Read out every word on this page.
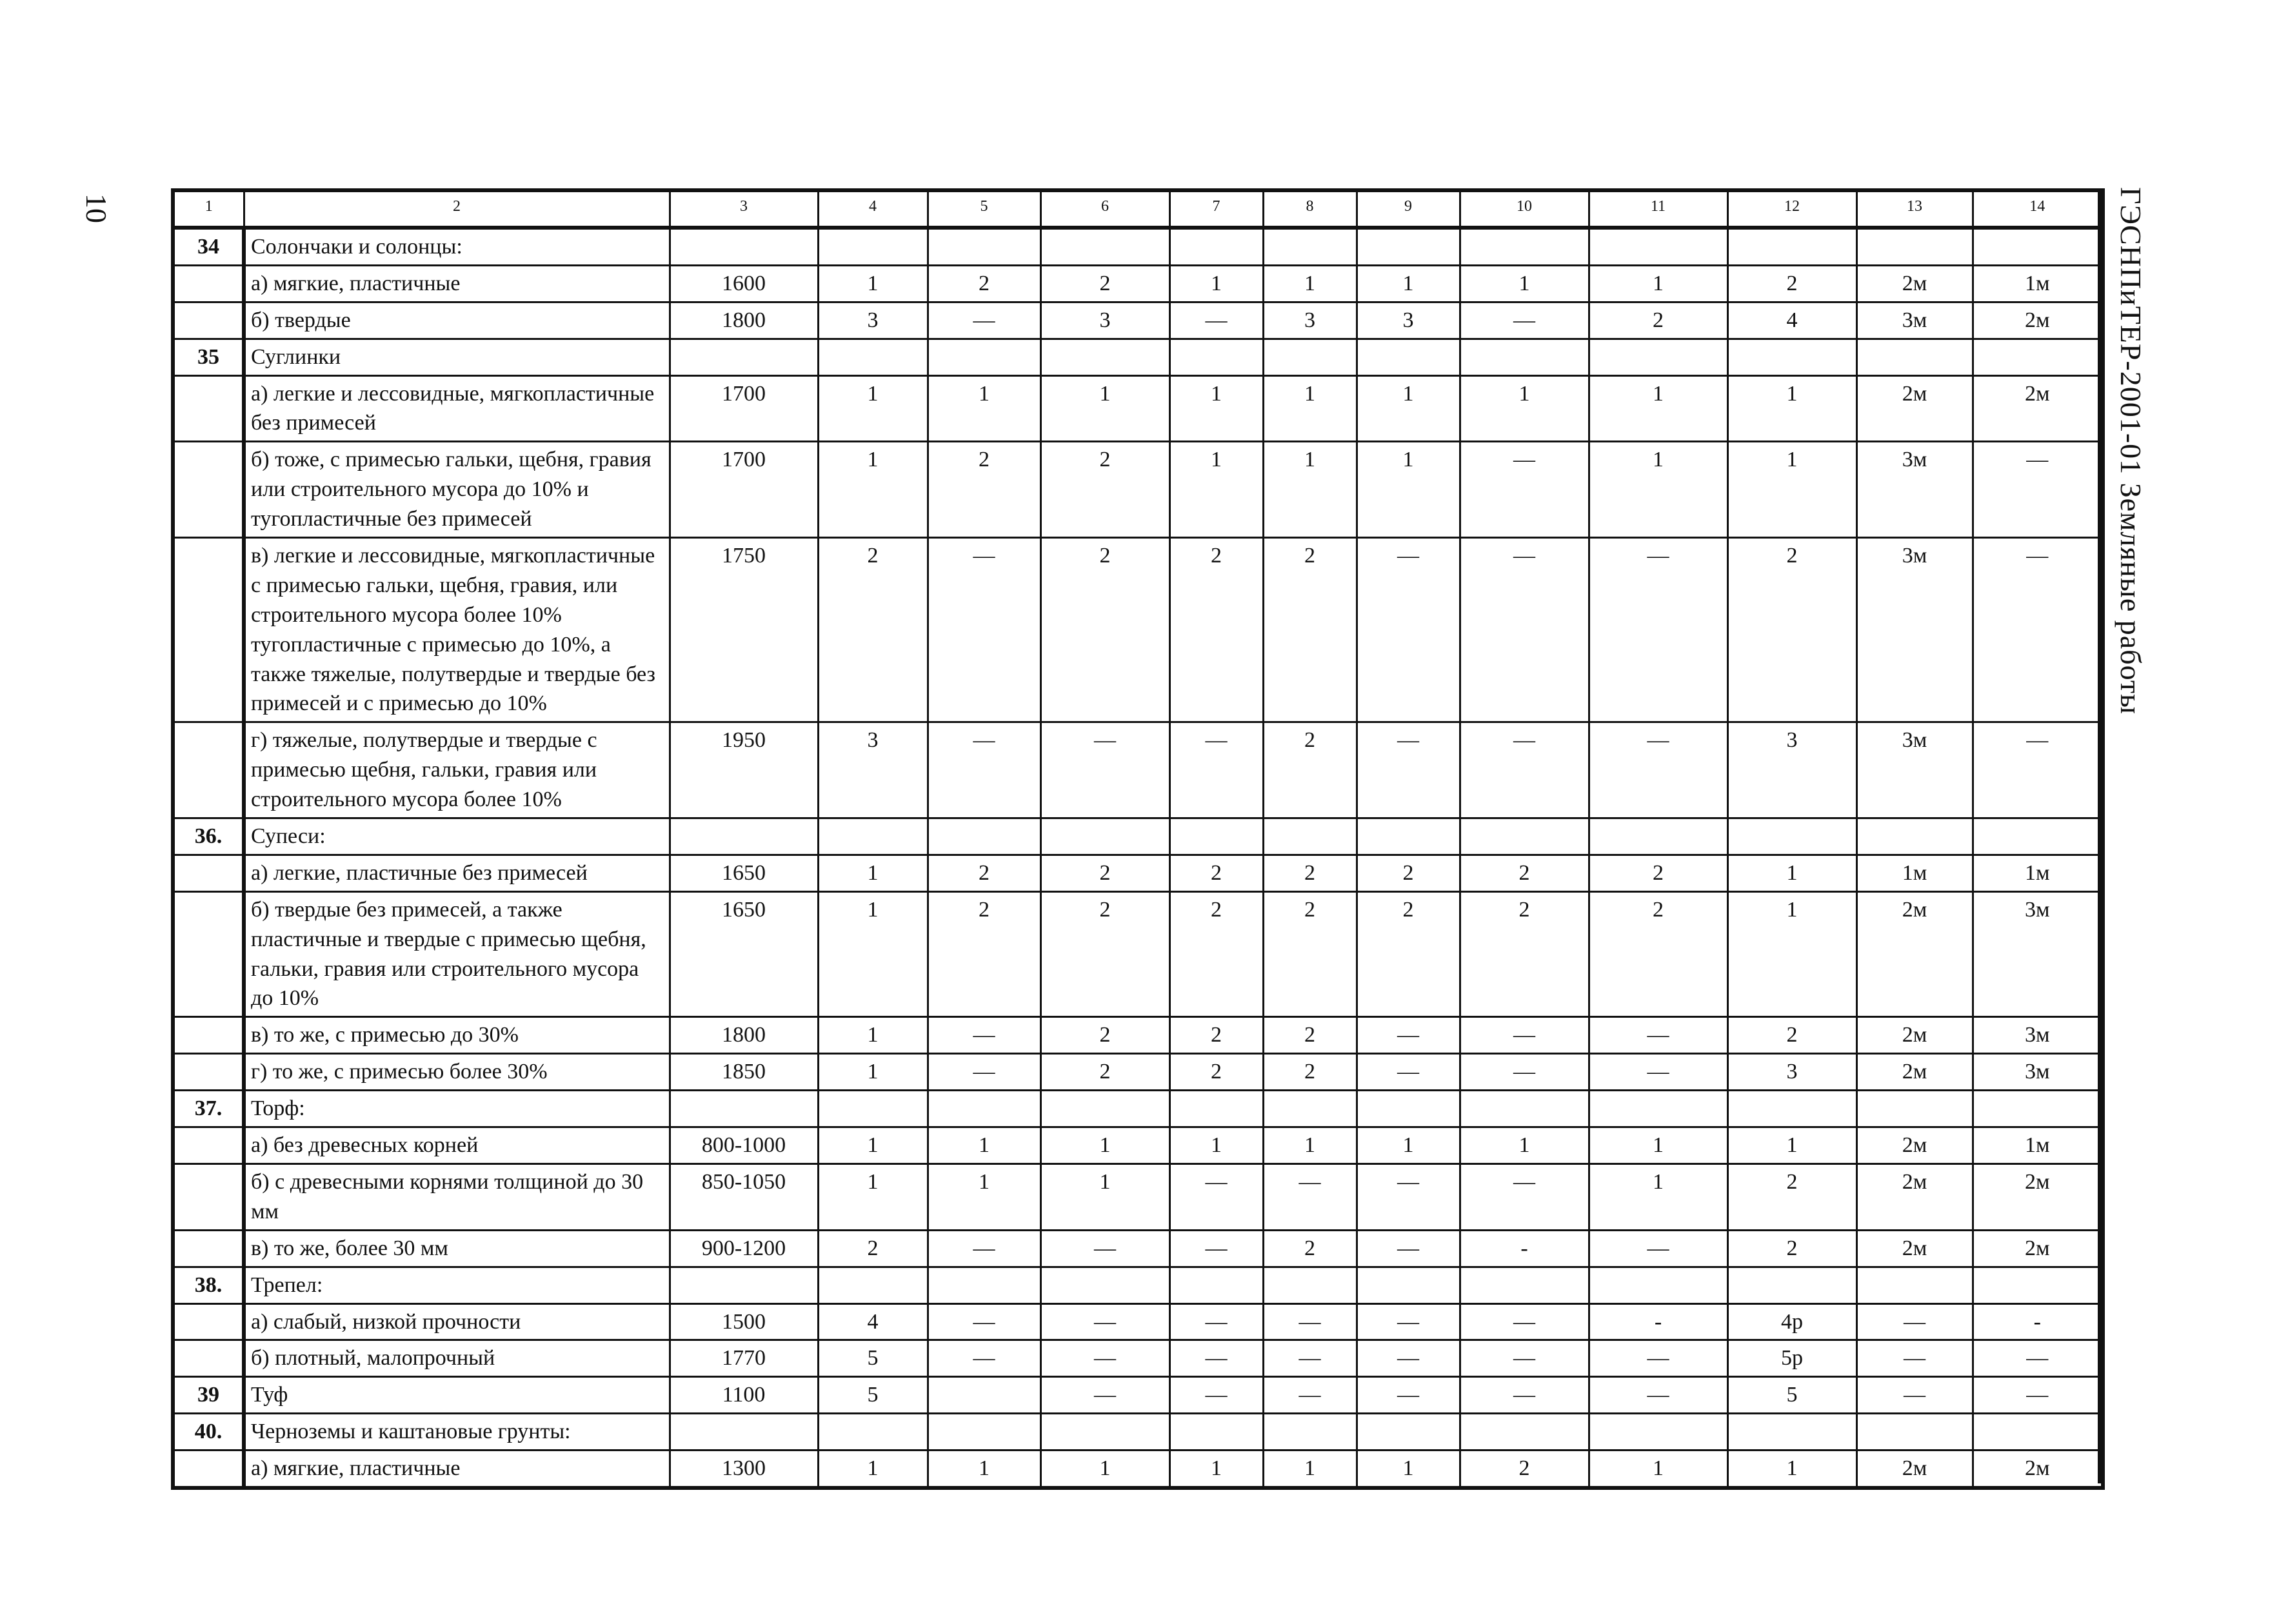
10	ГЭСНПиТЕР-2001-01 Земляные работы
1	2	3	4	5	6	7	8	9	10	11	12	13	14
34	Солончаки и солонцы:												
	а) мягкие, пластичные	1600	1	2	2	1	1	1	1	1	2	2м	1м
	б) твердые	1800	3	—	3	—	3	3	—	2	4	3м	2м
35	Суглинки												
	а) легкие и лессовидные, мягкопластичные без примесей	1700	1	1	1	1	1	1	1	1	1	2м	2м
	б) тоже, с примесью гальки, щебня, гравия или строительного мусора до 10% и тугопластичные без примесей	1700	1	2	2	1	1	1	—	1	1	3м	—
	в) легкие и лессовидные, мягкопластичные с примесью гальки, щебня, гравия, или строительного мусора более 10% тугопластичные с примесью до 10%, а также тяжелые, полутвердые и твердые без примесей и с примесью до 10%	1750	2	—	2	2	2	—	—	—	2	3м	—
	г) тяжелые, полутвердые и твердые с примесью щебня, гальки, гравия или строительного мусора более 10%	1950	3	—	—	—	2	—	—	—	3	3м	—
36.	Супеси:												
	а) легкие, пластичные без примесей	1650	1	2	2	2	2	2	2	2	1	1м	1м
	б) твердые без примесей, а также пластичные и твердые с примесью щебня, гальки, гравия или строительного мусора до 10%	1650	1	2	2	2	2	2	2	2	1	2м	3м
	в) то же, с примесью до 30%	1800	1	—	2	2	2	—	—	—	2	2м	3м
	г) то же, с примесью более 30%	1850	1	—	2	2	2	—	—	—	3	2м	3м
37.	Торф:												
	а) без древесных корней	800-1000	1	1	1	1	1	1	1	1	1	2м	1м
	б) с древесными корнями толщиной до 30 мм	850-1050	1	1	1	—	—	—	—	1	2	2м	2м
	в) то же, более 30 мм	900-1200	2	—	—	—	2	—	-	—	2	2м	2м
38.	Трепел:												
	а) слабый, низкой прочности	1500	4	—	—	—	—	—	—	-	4р	—	-
	б) плотный, малопрочный	1770	5	—	—	—	—	—	—	—	5р	—	—
39	Туф	1100	5		—	—	—	—	—	—	5	—	—
40.	Черноземы и каштановые грунты:												
	а) мягкие, пластичные	1300	1	1	1	1	1	1	2	1	1	2м	2м
